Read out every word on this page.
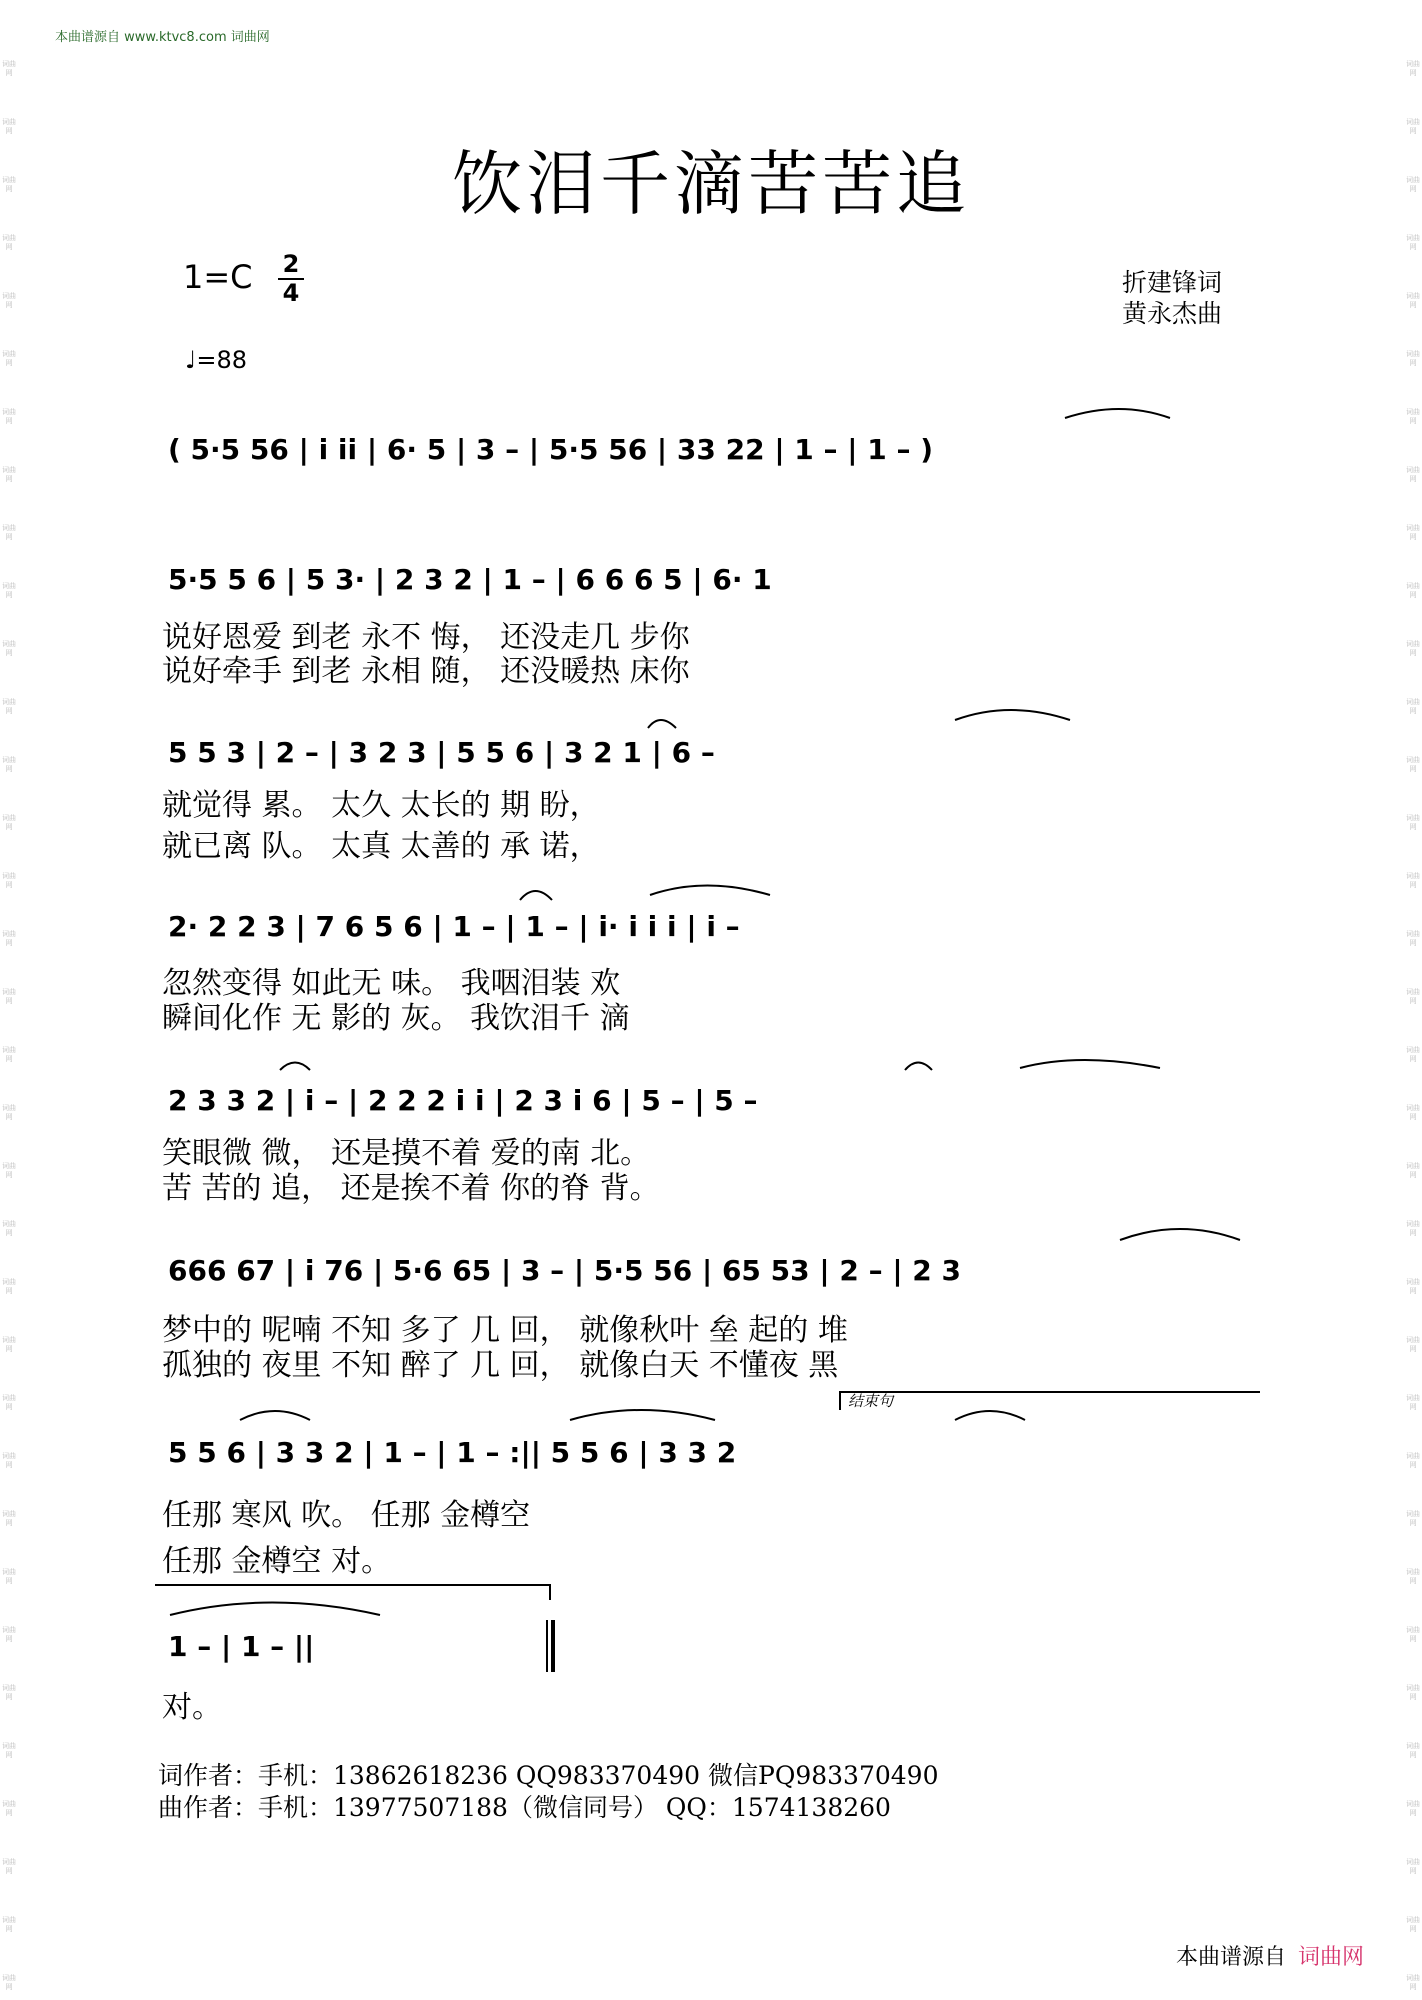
本曲谱源自 www.ktvc8.com 词曲网
词曲网
词曲网
词曲网
词曲网
词曲网
词曲网
词曲网
词曲网
词曲网
词曲网
词曲网
词曲网
词曲网
词曲网
词曲网
词曲网
词曲网
词曲网
词曲网
词曲网
词曲网
词曲网
词曲网
词曲网
词曲网
词曲网
词曲网
词曲网
词曲网
词曲网
词曲网
词曲网
词曲网
词曲网
词曲网
词曲网
词曲网
词曲网
词曲网
词曲网
词曲网
词曲网
词曲网
词曲网
词曲网
词曲网
词曲网
词曲网
词曲网
词曲网
词曲网
词曲网
词曲网
词曲网
词曲网
词曲网
词曲网
词曲网
词曲网
词曲网
词曲网
词曲网
词曲网
词曲网
词曲网
词曲网
词曲网
词曲网
饮泪千滴苦苦追
1=C 2
4
♩=88
折建锋词
黄永杰曲
( 5·5 56 | i ii | 6· 5 | 3 – | 5·5 56 | 33 22 | 1 – | 1 – )
5·5 5 6 | 5 3· | 2 3 2 | 1 – | 6 6 6 5 | 6· 1
说好恩爱 到老 永不 悔， 还没走几 步你
说好牵手 到老 永相 随， 还没暖热 床你
5 5 3 | 2 – | 3 2 3 | 5 5 6 | 3 2 1 | 6 –
就觉得 累。 太久 太长的 期 盼，
就已离 队。 太真 太善的 承 诺，
2· 2 2 3 | 7 6 5 6 | 1 – | 1 – | i· i i i | i –
忽然变得 如此无 味。 我咽泪装 欢
瞬间化作 无 影的 灰。 我饮泪千 滴
2 3 3 2 | i – | 2 2 2 i i | 2 3 i 6 | 5 – | 5 –
笑眼微 微， 还是摸不着 爱的南 北。
苦 苦的 追， 还是挨不着 你的脊 背。
666 67 | i 76 | 5·6 65 | 3 – | 5·5 56 | 65 53 | 2 – | 2 3
梦中的 呢喃 不知 多了 几 回， 就像秋叶 垒 起的 堆
孤独的 夜里 不知 醉了 几 回， 就像白天 不懂夜 黑
结束句
5 5 6 | 3 3 2 | 1 – | 1 – :|| 5 5 6 | 3 3 2
任那 寒风 吹。 任那 金樽空
任那 金樽空 对。
1 – | 1 – ||
对。
词作者：手机：13862618236 QQ983370490 微信PQ983370490
曲作者：手机：13977507188（微信同号） QQ：1574138260
本曲谱源自 词曲网
